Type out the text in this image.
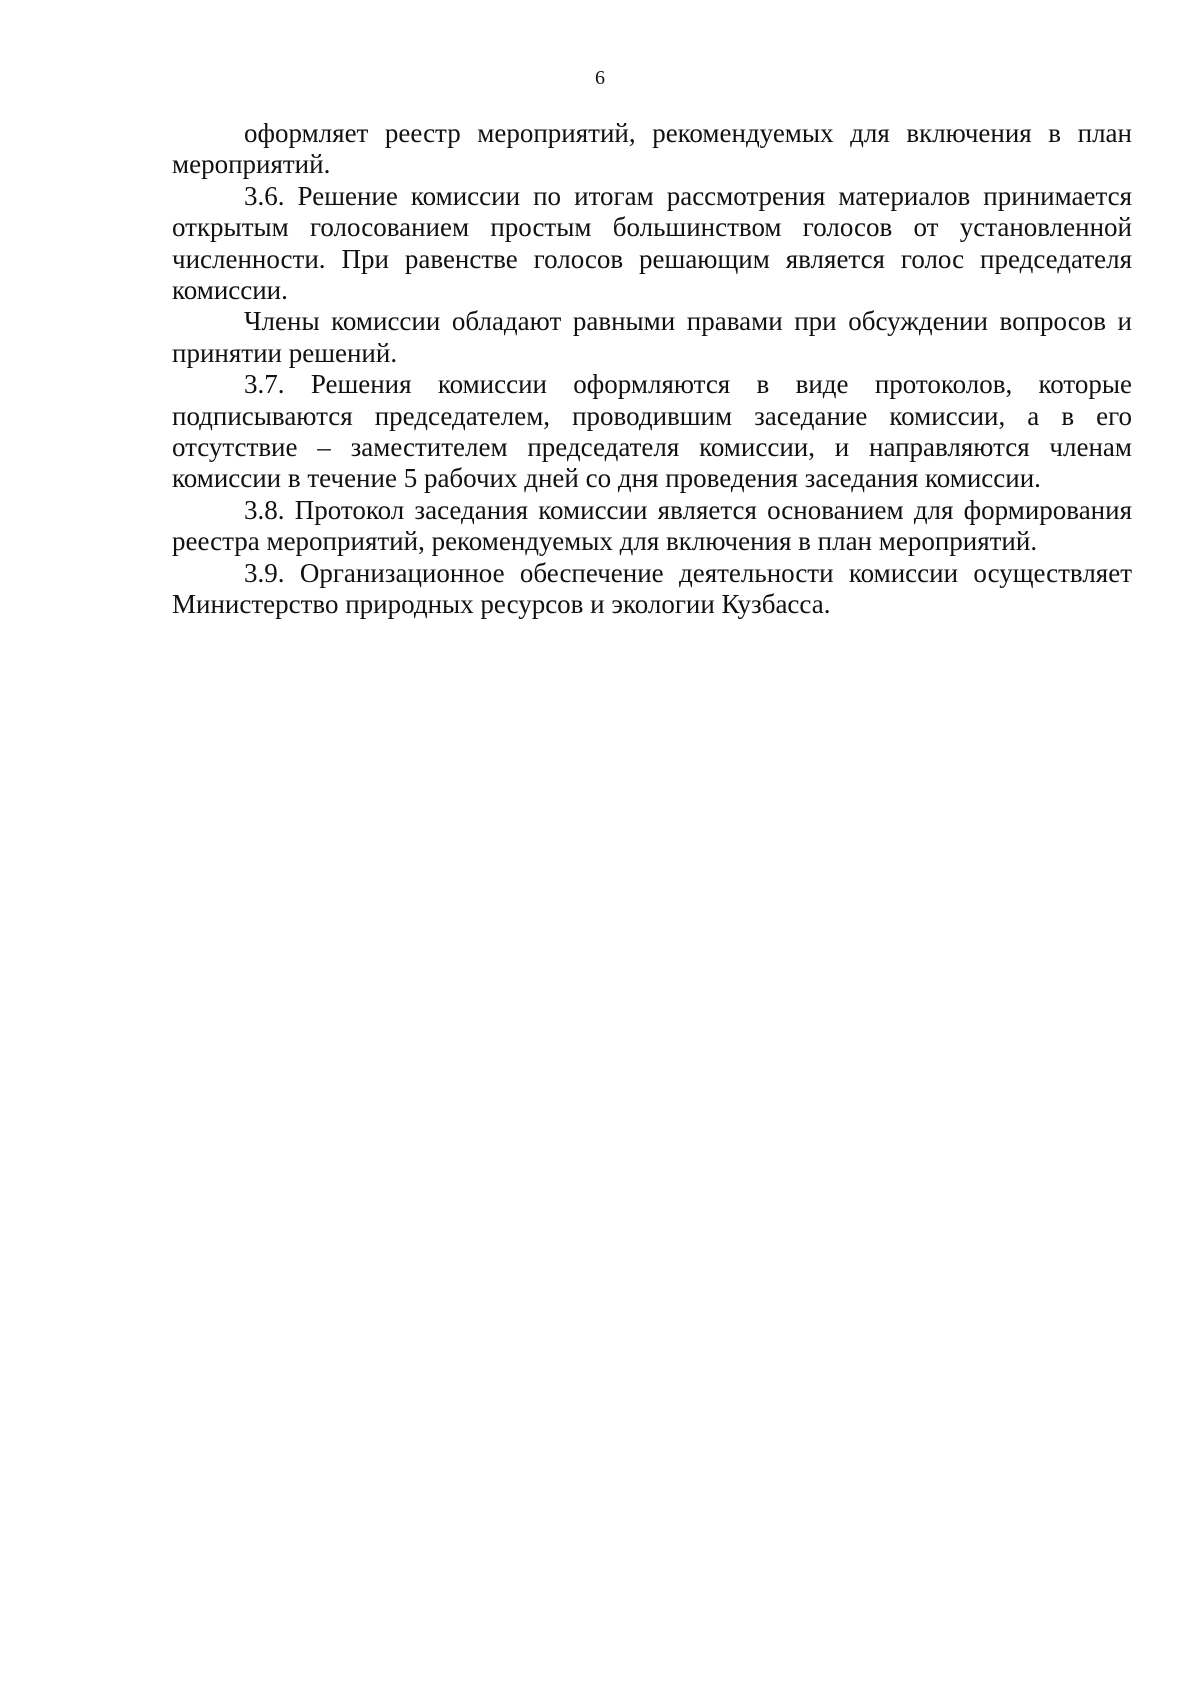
6

оформляет реестр мероприятий, рекомендуемых для включения в план мероприятий.

3.6. Решение комиссии по итогам рассмотрения материалов принимается открытым голосованием простым большинством голосов от установленной численности. При равенстве голосов решающим является голос председателя комиссии.

Члены комиссии обладают равными правами при обсуждении вопросов и принятии решений.

3.7. Решения комиссии оформляются в виде протоколов, которые подписываются председателем, проводившим заседание комиссии, а в его отсутствие – заместителем председателя комиссии, и направляются членам комиссии в течение 5 рабочих дней со дня проведения заседания комиссии.

3.8. Протокол заседания комиссии является основанием для формирования реестра мероприятий, рекомендуемых для включения в план мероприятий.

3.9. Организационное обеспечение деятельности комиссии осуществляет Министерство природных ресурсов и экологии Кузбасса.
